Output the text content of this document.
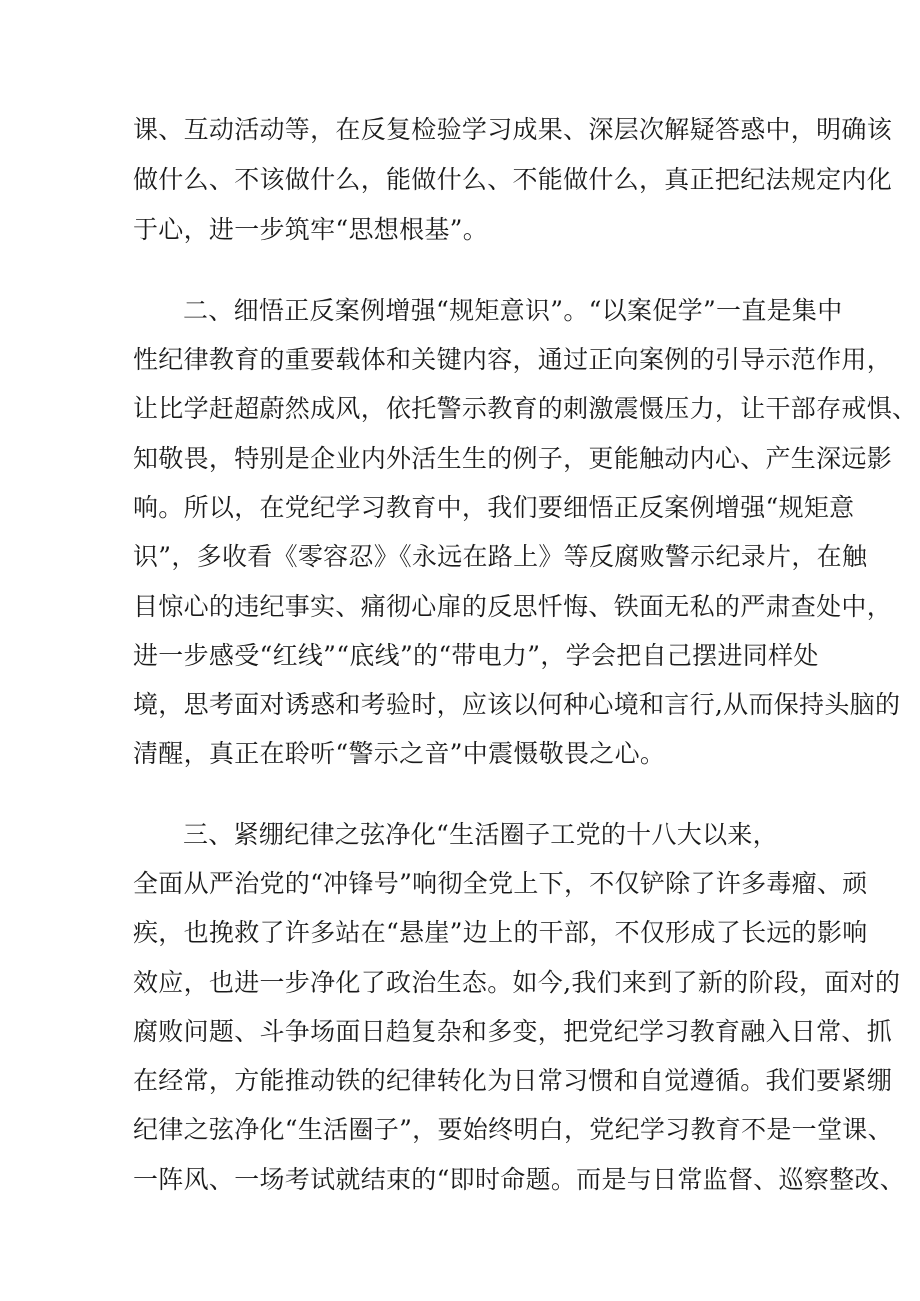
课、互动活动等，在反复检验学习成果、深层次解疑答惑中，明确该
做什么、不该做什么，能做什么、不能做什么，真正把纪法规定内化
于心，进一步筑牢“思想根基”。
二、细悟正反案例增强“规矩意识”。“以案促学”一直是集中
性纪律教育的重要载体和关键内容，通过正向案例的引导示范作用，
让比学赶超蔚然成风，依托警示教育的刺激震慑压力，让干部存戒惧、
知敬畏，特别是企业内外活生生的例子，更能触动内心、产生深远影
响。所以，在党纪学习教育中，我们要细悟正反案例增强“规矩意
识”，多收看《零容忍》《永远在路上》等反腐败警示纪录片，在触
目惊心的违纪事实、痛彻心扉的反思忏悔、铁面无私的严肃查处中，
进一步感受“红线”“底线”的“带电力”，学会把自己摆进同样处
境，思考面对诱惑和考验时，应该以何种心境和言行,从而保持头脑的
清醒，真正在聆听“警示之音”中震慑敬畏之心。
三、紧绷纪律之弦净化“生活圈子工党的十八大以来，
全面从严治党的“冲锋号”响彻全党上下，不仅铲除了许多毒瘤、顽
疾，也挽救了许多站在“悬崖”边上的干部，不仅形成了长远的影响
效应，也进一步净化了政治生态。如今,我们来到了新的阶段，面对的
腐败问题、斗争场面日趋复杂和多变，把党纪学习教育融入日常、抓
在经常，方能推动铁的纪律转化为日常习惯和自觉遵循。我们要紧绷
纪律之弦净化“生活圈子”，要始终明白，党纪学习教育不是一堂课、
一阵风、一场考试就结束的“即时命题。而是与日常监督、巡察整改、
